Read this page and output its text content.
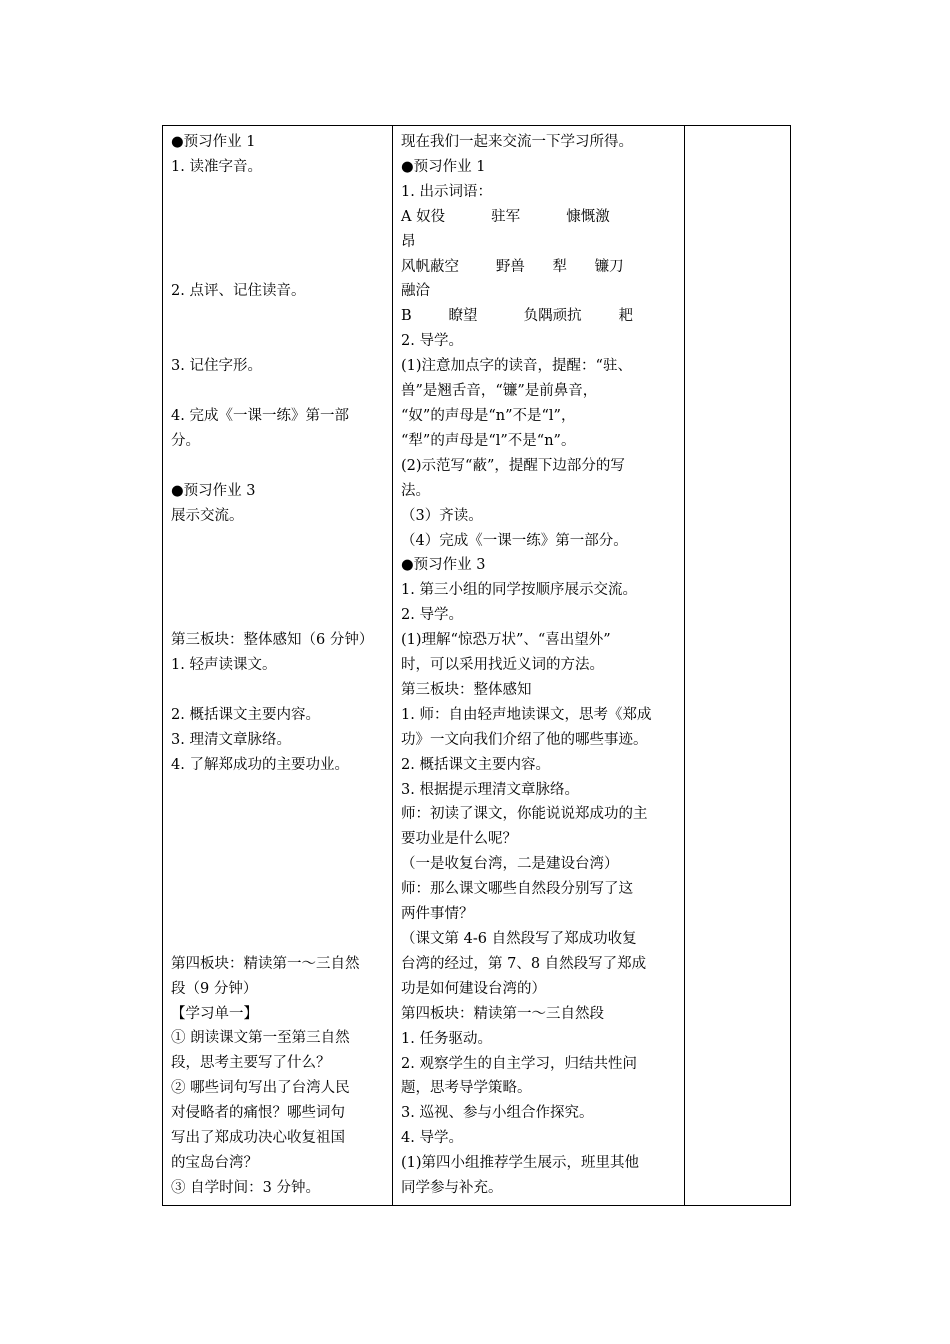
●预习作业 1
1. 读准字音。
2. 点评、记住读音。
3. 记住字形。
4. 完成《一课一练》第一部
分。
●预习作业 3
展示交流。
第三板块：整体感知（6 分钟）
1. 轻声读课文。
2. 概括课文主要内容。
3. 理清文章脉络。
4. 了解郑成功的主要功业。
第四板块：精读第一～三自然
段（9 分钟）
【学习单一】
① 朗读课文第一至第三自然
段，思考主要写了什么？
② 哪些词句写出了台湾人民
对侵略者的痛恨？哪些词句
写出了郑成功决心收复祖国
的宝岛台湾？
③ 自学时间：3 分钟。

现在我们一起来交流一下学习所得。
●预习作业 1
1. 出示词语：
A 奴役          驻军          慷慨激
昂
风帆蔽空        野兽      犁      镰刀
融洽
B        瞭望          负隅顽抗        耙
2. 导学。
(1)注意加点字的读音，提醒：“驻、
兽”是翘舌音，“镰”是前鼻音，
“奴”的声母是“n”不是“l”，
“犁”的声母是“l”不是“n”。
(2)示范写“蔽”，提醒下边部分的写
法。
（3）齐读。
（4）完成《一课一练》第一部分。
●预习作业 3
1. 第三小组的同学按顺序展示交流。
2. 导学。
(1)理解“惊恐万状”、“喜出望外”
时，可以采用找近义词的方法。
第三板块：整体感知
1. 师：自由轻声地读课文，思考《郑成
功》一文向我们介绍了他的哪些事迹。
2. 概括课文主要内容。
3. 根据提示理清文章脉络。
师：初读了课文，你能说说郑成功的主
要功业是什么呢？
（一是收复台湾，二是建设台湾）
师：那么课文哪些自然段分别写了这
两件事情？
（课文第 4-6 自然段写了郑成功收复
台湾的经过，第 7、8 自然段写了郑成
功是如何建设台湾的）
第四板块：精读第一～三自然段
1. 任务驱动。
2. 观察学生的自主学习，归结共性问
题，思考导学策略。
3. 巡视、参与小组合作探究。
4. 导学。
(1)第四小组推荐学生展示，班里其他
同学参与补充。
